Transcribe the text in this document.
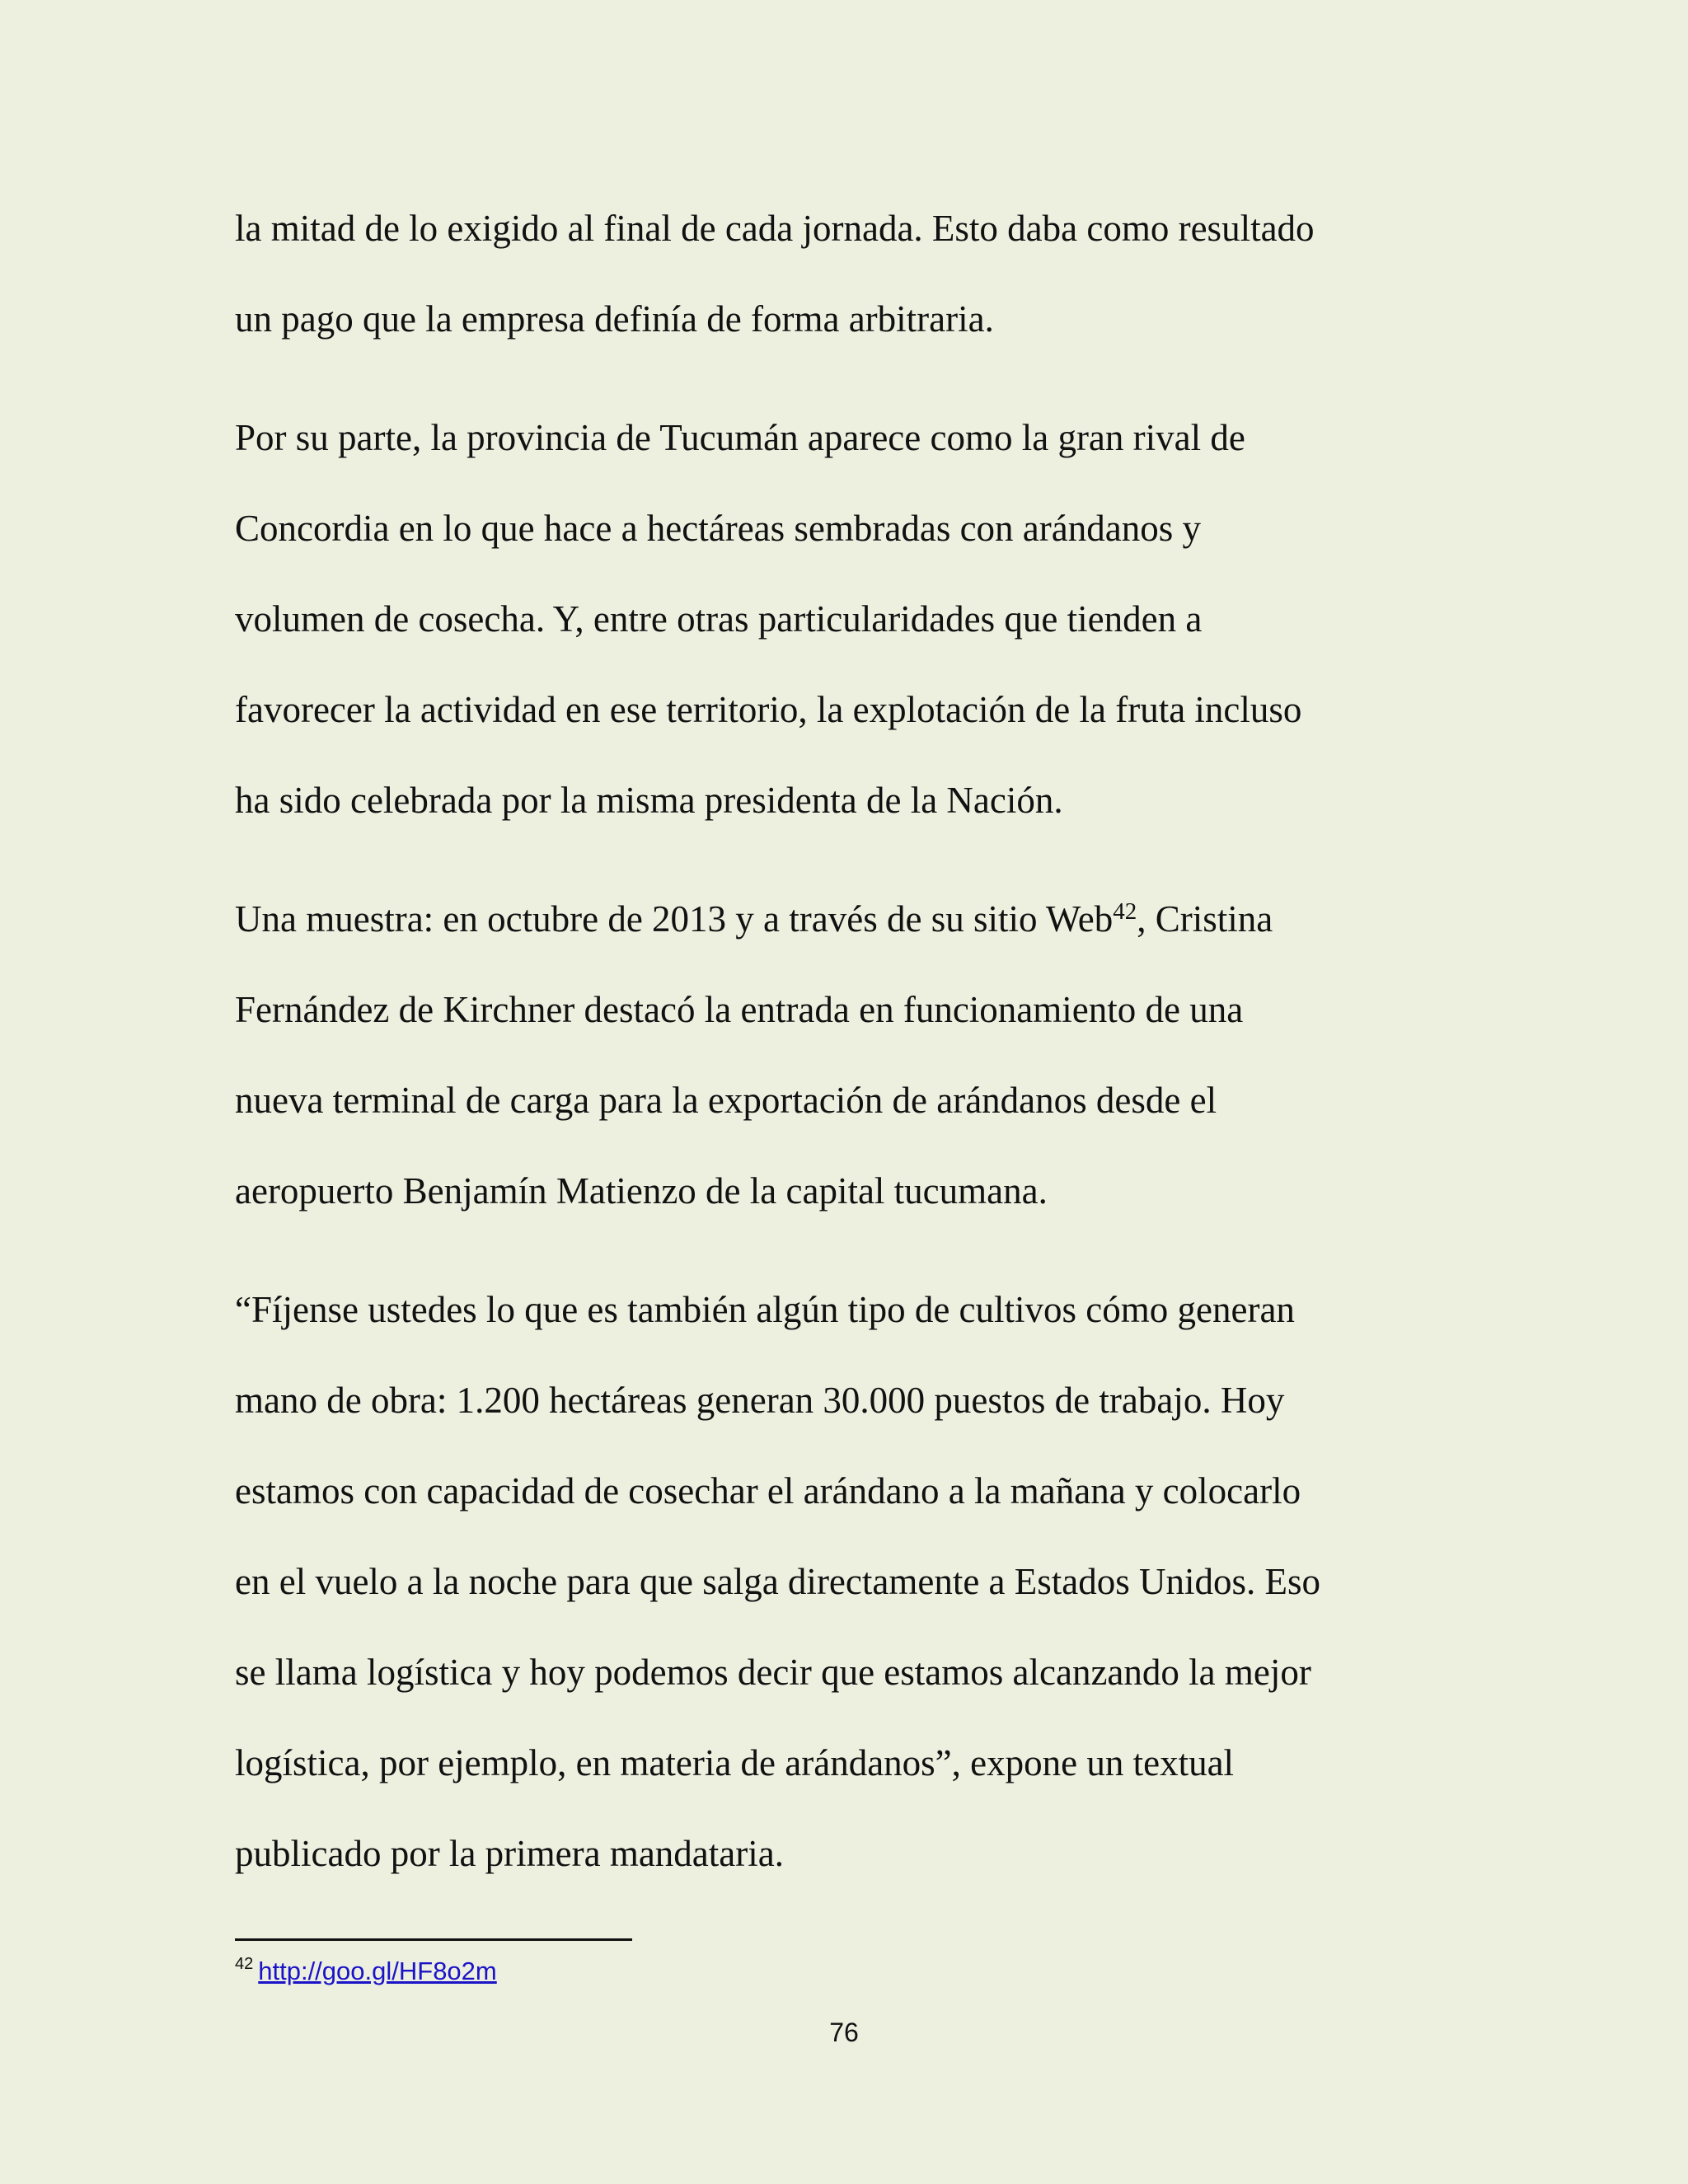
la mitad de lo exigido al final de cada jornada. Esto daba como resultado
un pago que la empresa definía de forma arbitraria.
Por su parte, la provincia de Tucumán aparece como la gran rival de
Concordia en lo que hace a hectáreas sembradas con arándanos y
volumen de cosecha. Y, entre otras particularidades que tienden a
favorecer la actividad en ese territorio, la explotación de la fruta incluso
ha sido celebrada por la misma presidenta de la Nación.
Una muestra: en octubre de 2013 y a través de su sitio Web$^{42}$, Cristina
Fernández de Kirchner destacó la entrada en funcionamiento de una
nueva terminal de carga para la exportación de arándanos desde el
aeropuerto Benjamín Matienzo de la capital tucumana.
“Fíjense ustedes lo que es también algún tipo de cultivos cómo generan
mano de obra: 1.200 hectáreas generan 30.000 puestos de trabajo. Hoy
estamos con capacidad de cosechar el arándano a la mañana y colocarlo
en el vuelo a la noche para que salga directamente a Estados Unidos. Eso
se llama logística y hoy podemos decir que estamos alcanzando la mejor
logística, por ejemplo, en materia de arándanos”, expone un textual
publicado por la primera mandataria.
$^{42}$ http://goo.gl/HF8o2m
76
